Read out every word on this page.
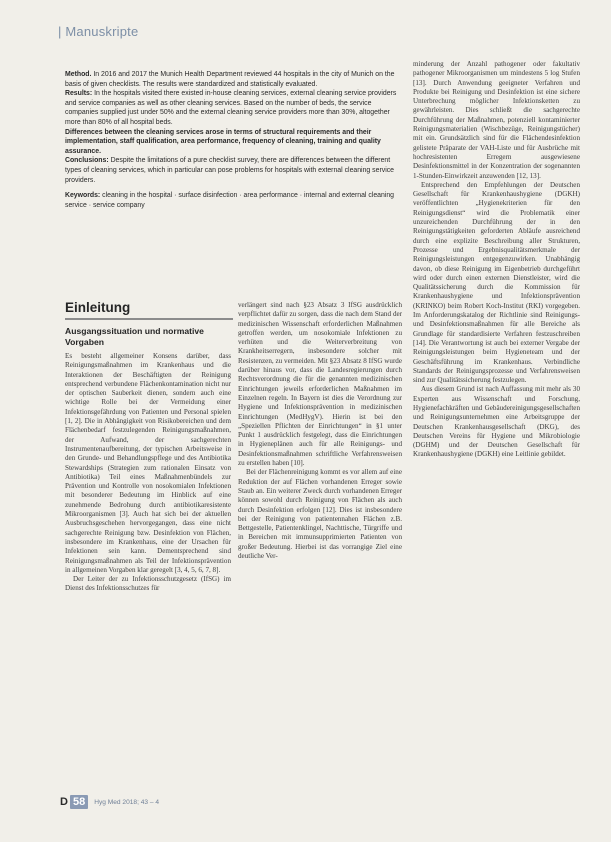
| Manuskripte

Method. In 2016 and 2017 the Munich Health Department reviewed 44 hospitals in the city of Munich on the basis of given checklists. The results were standardized and statistically evaluated.

Results: In the hospitals visited there existed in-house cleaning services, external cleaning service providers and service companies as well as other cleaning services. Based on the number of beds, the service companies supplied just under 50% and the external cleaning service providers more than 30%, altogether more than 80% of all hospital beds.

Differences between the cleaning services arose in terms of structural requirements and their implementation, staff qualification, area performance, frequency of cleaning, training and quality assurance.

Conclusions: Despite the limitations of a pure checklist survey, there are differences between the different types of cleaning services, which in particular can pose problems for hospitals with external cleaning service providers.

Keywords: cleaning in the hospital · surface disinfection · area performance · internal and external cleaning service · service company

Einleitung
Ausgangssituation und normative Vorgaben

Es besteht allgemeiner Konsens darüber, dass Reinigungsmaßnahmen im Krankenhaus und die Interaktionen der Beschäftigten der Reinigung entsprechend verbundene Flächenkontamination nicht nur der optischen Sauberkeit dienen, sondern auch eine wichtige Rolle bei der Vermeidung einer Infektionsgefährdung von Patienten und Personal spielen [1, 2]. Die in Abhängigkeit von Risikobereichen und dem Flächenbedarf festzulegenden Reinigungsmaßnahmen, der Aufwand, der sachgerechten Instrumentenaufbereitung, der typischen Arbeitsweise in den Grunde- und Behandlungspflege und des Antibiotika Stewardships (Strategien zum rationalen Einsatz von Antibiotika) Teil eines Maßnahmenbündels zur Prävention und Kontrolle von nosokomialen Infektionen mit besonderer Bedeutung im Hinblick auf eine zunehmende Bedrohung durch antibiotikaresistente Mikroorganismen [3]. Auch hat sich bei der aktuellen Ausbruchsgeschehen hervorgegangen, dass eine nicht sachgerechte Reinigung bzw. Desinfektion von Flächen, insbesondere im Krankenhaus, eine der Ursachen für Infektionen sein kann. Dementsprechend sind Reinigungsmaßnahmen als Teil der Infektionsprävention in allgemeinen Vorgaben klar geregelt [3, 4, 5, 6, 7, 8].

Der Leiter der zu Infektionsschutzgesetz (IfSG) im Dienst des Infektionsschutzes für

verlängert sind nach §23 Absatz 3 IfSG ausdrücklich verpflichtet dafür zu sorgen, dass die nach dem Stand der medizinischen Wissenschaft erforderlichen Maßnahmen getroffen werden, um nosokomiale Infektionen zu verhüten und die Weiterverbreitung von Krankheitserregern, insbesondere solcher mit Resistenzen, zu vermeiden. Mit §23 Absatz 8 IfSG wurde darüber hinaus vor, dass die Landesregierungen durch Rechtsverordnung die für die genannten medizinischen Einrichtungen jeweils erforderlichen Maßnahmen im Einzelnen regeln. In Bayern ist dies die Verordnung zur Hygiene und Infektionsprävention in medizinischen Einrichtungen (MedHygV). Hierin ist bei den „Speziellen Pflichten der Einrichtungen“ in §1 unter Punkt 1 ausdrücklich festgelegt, dass die Einrichtungen in Hygieneplänen auch für alle Reinigungs- und Desinfektionsmaßnahmen schriftliche Verfahrensweisen zu erstellen haben [10].

Bei der Flächenreinigung kommt es vor allem auf eine Reduktion der auf Flächen vorhandenen Erreger sowie Staub an. Ein weiterer Zweck durch vorhandenen Erreger können sowohl durch Reinigung von Flächen als auch durch Desinfektion erfolgen [12]. Dies ist insbesondere bei der Reinigung von patientennahen Flächen z.B. Bettgestelle, Patientenklingel, Nachttische, Türgriffe und in Bereichen mit immunsupprimierten Patienten von großer Bedeutung. Hierbei ist das vorrangige Ziel eine deutliche Ver-

minderung der Anzahl pathogener oder fakultativ pathogener Mikroorganismen um mindestens 5 log Stufen [13]. Durch Anwendung geeigneter Verfahren und Produkte bei Reinigung und Desinfektion ist eine sichere Unterbrechung möglicher Infektionsketten zu gewährleisten. Dies schließt die sachgerechte Durchführung der Maßnahmen, potenziell kontaminierter Reinigungsmaterialien (Wischbezüge, Reinigungstücher) mit ein. Grundsätzlich sind für die Flächendesinfektion gelistete Präparate der VAH-Liste und für Ausbrüche mit hochresistenten Erregern ausgewiesene Desinfektionsmittel in der Konzentration der sogenannten 1-Stunden-Einwirkzeit anzuwenden [12, 13].

Entsprechend den Empfehlungen der Deutschen Gesellschaft für Krankenhaushygiene (DGKH) veröffentlichten „Hygienekriterien für den Reinigungsdienst“ wird die Problematik einer unzureichenden Durchführung der in den Reinigungstätigkeiten geforderten Abläufe ausreichend durch eine explizite Beschreibung aller Strukturen, Prozesse und Ergebnisqualitätsmerkmale der Reinigungsleistungen entgegenzuwirken. Unabhängig davon, ob diese Reinigung im Eigenbetrieb durchgeführt wird oder durch einen externen Dienstleister, wird die Qualitätssicherung durch die Kommission für Krankenhaushygiene und Infektionsprävention (KRINKO) beim Robert Koch-Institut (RKI) vorgegeben. Im Anforderungskatalog der Richtlinie sind Reinigungs- und Desinfektionsmaßnahmen für alle Bereiche als Grundlage für standardisierte Verfahren festzuschreiben [14]. Die Verantwortung ist auch bei externer Vergabe der Reinigungsleistungen beim Hygieneteam und der Geschäftsführung im Krankenhaus. Verbindliche Standards der Reinigungsprozesse und Verfahrensweisen sind zur Qualitätssicherung festzulegen.

Aus diesem Grund ist nach Auffassung mit mehr als 30 Experten aus Wissenschaft und Forschung, Hygienefachkräften und Gebäudereinigungsgesellschaften und Reinigungsunternehmen eine Arbeitsgruppe der Deutschen Krankenhausgesellschaft (DKG), des Deutschen Vereins für Hygiene und Mikrobiologie (DGHM) und der Deutschen Gesellschaft für Krankenhaushygiene (DGKH) eine Leitlinie gebildet.

D 58	Hyg Med 2018; 43 – 4
